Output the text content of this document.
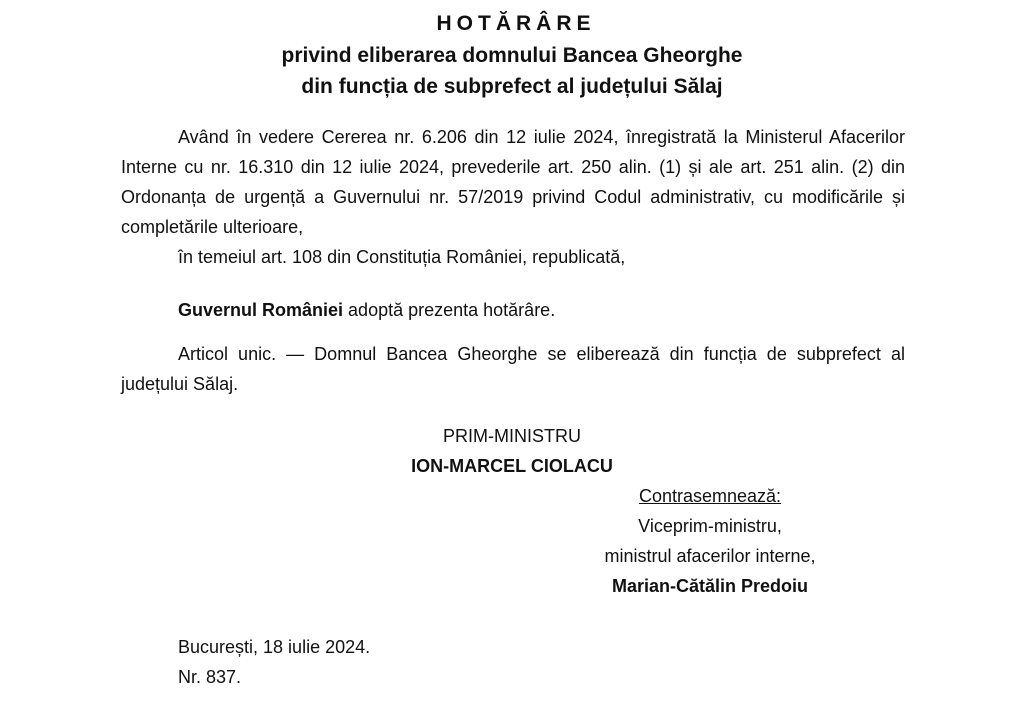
HOTĂRÂRE
privind eliberarea domnului Bancea Gheorghe
din funcția de subprefect al județului Sălaj

Având în vedere Cererea nr. 6.206 din 12 iulie 2024, înregistrată la Ministerul Afacerilor Interne cu nr. 16.310 din 12 iulie 2024, prevederile art. 250 alin. (1) și ale art. 251 alin. (2) din Ordonanța de urgență a Guvernului nr. 57/2019 privind Codul administrativ, cu modificările și completările ulterioare,

în temeiul art. 108 din Constituția României, republicată,

Guvernul României adoptă prezenta hotărâre.

Articol unic. — Domnul Bancea Gheorghe se eliberează din funcția de subprefect al județului Sălaj.

PRIM-MINISTRU
ION-MARCEL CIOLACU
Contrasemnează:
Viceprim-ministru,
ministrul afacerilor interne,
Marian-Cătălin Predoiu
București, 18 iulie 2024.
Nr. 837.
